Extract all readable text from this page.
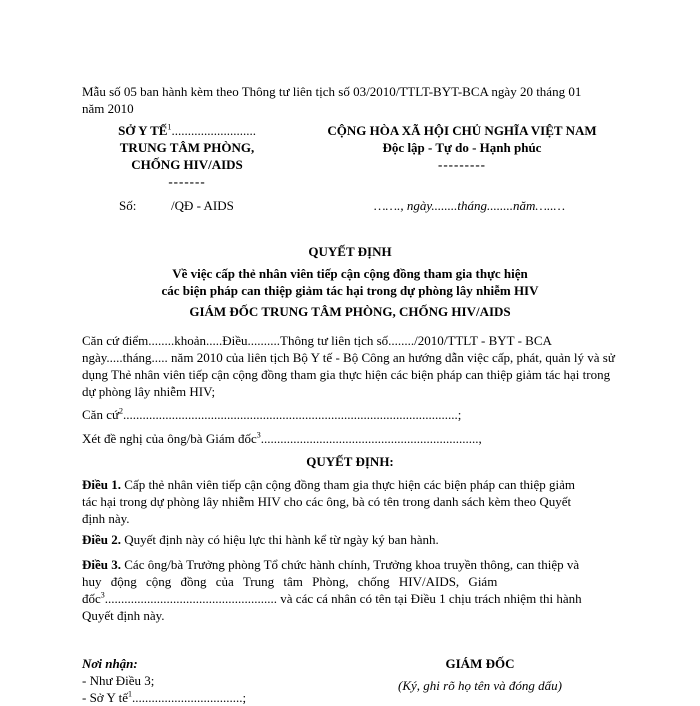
Mẫu số 05 ban hành kèm theo Thông tư liên tịch số 03/2010/TTLT-BYT-BCA ngày 20 tháng 01
năm 2010
SỞ Y TẾ$^1$..........................
TRUNG TÂM PHÒNG,
CHỐNG HIV/AIDS
-------
Số:	/QĐ - AIDS
CỘNG HÒA XÃ HỘI CHỦ NGHĨA VIỆT NAM
Độc lập - Tự do - Hạnh phúc
---------
……., ngày........tháng........năm…..…
QUYẾT ĐỊNH
Về việc cấp thẻ nhân viên tiếp cận cộng đồng tham gia thực hiện
các biện pháp can thiệp giảm tác hại trong dự phòng lây nhiễm HIV
GIÁM ĐỐC TRUNG TÂM PHÒNG, CHỐNG HIV/AIDS
Căn cứ điểm........khoản.....Điều..........Thông tư liên tịch số......../2010/TTLT - BYT - BCA
ngày.....tháng..... năm 2010 của liên tịch Bộ Y tế - Bộ Công an hướng dẫn việc cấp, phát, quản lý và sử
dụng Thẻ nhân viên tiếp cận cộng đồng tham gia thực hiện các biện pháp can thiệp giảm tác hại trong
dự phòng lây nhiễm HIV;
Căn cứ$^2$.......................................................................................................;
Xét đề nghị của ông/bà Giám đốc$^3$...................................................................,
QUYẾT ĐỊNH:
Điều 1. Cấp thẻ nhân viên tiếp cận cộng đồng tham gia thực hiện các biện pháp can thiệp giảm
tác hại trong dự phòng lây nhiễm HIV cho các ông, bà có tên trong danh sách kèm theo Quyết
định này.
Điều 2. Quyết định này có hiệu lực thi hành kể từ ngày ký ban hành.
Điều 3. Các ông/bà Trưởng phòng Tổ chức hành chính, Trưởng khoa truyền thông, can thiệp và
huy động cộng đồng của Trung tâm Phòng, chống HIV/AIDS, Giám
đốc$^3$..................................................... và các cá nhân có tên tại Điều 1 chịu trách nhiệm thi hành
Quyết định này.
Nơi nhận:
- Như Điều 3;
- Sở Y tế$^1$..................................;
GIÁM ĐỐC
(Ký, ghi rõ họ tên và đóng dấu)
